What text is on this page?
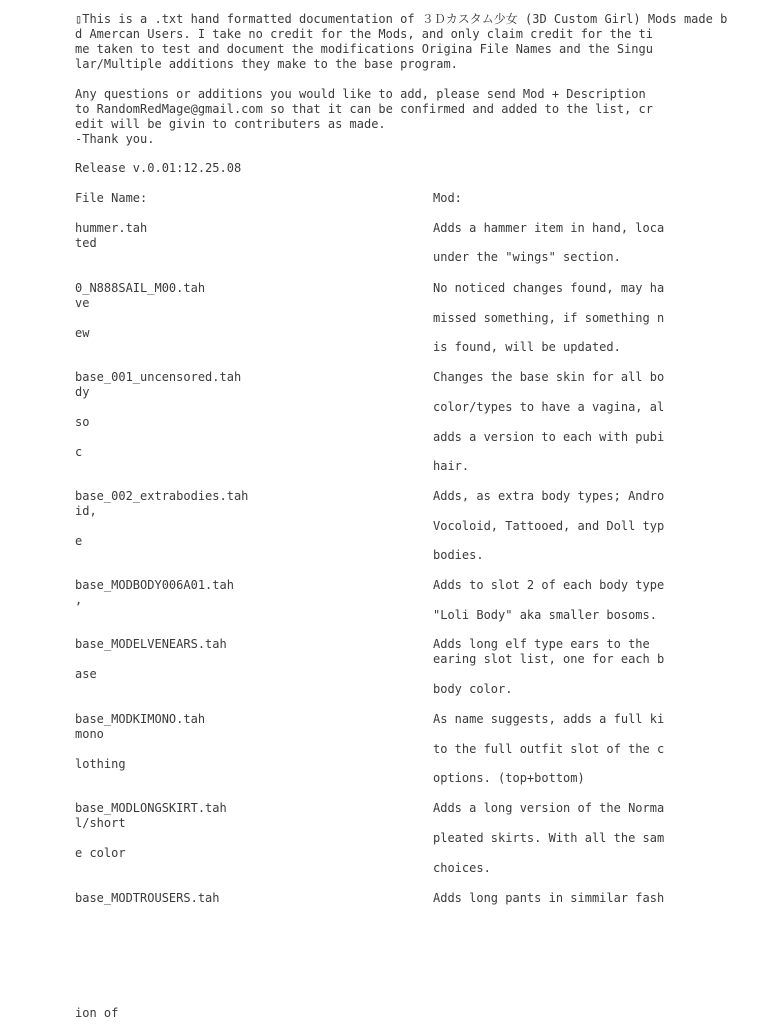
▯This is a .txt hand formatted documentation of ３Ｄカスタム少女 (3D Custom Girl) Mods made b
d Amercan Users. I take no credit for the Mods, and only claim credit for the ti
me taken to test and document the modifications Origina File Names and the Singu
lar/Multiple additions they make to the base program.
Any questions or additions you would like to add, please send Mod + Description
to RandomRedMage@gmail.com so that it can be confirmed and added to the list, cr
edit will be givin to contributers as made.
-Thank you.
Release v.0.01:12.25.08
File Name:	Mod:
hummer.tah
ted
Adds a hammer item in hand, loca
under the "wings" section.
0_N888SAIL_M00.tah
ve
ew
No noticed changes found, may ha
missed something, if something n
is found, will be updated.
base_001_uncensored.tah
dy
so
c
Changes the base skin for all bo
color/types to have a vagina, al
adds a version to each with pubi
hair.
base_002_extrabodies.tah
id,
e
Adds, as extra body types; Andro
Vocoloid, Tattooed, and Doll typ
bodies.
base_MODBODY006A01.tah
,
Adds to slot 2 of each body type
"Loli Body" aka smaller bosoms.
base_MODELVENEARS.tah
ase
Adds long elf type ears to the
earing slot list, one for each b
body color.
base_MODKIMONO.tah
mono
lothing
As name suggests, adds a full ki
to the full outfit slot of the c
options. (top+bottom)
base_MODLONGSKIRT.tah
l/short
e color
Adds a long version of the Norma
pleated skirts. With all the sam
choices.
base_MODTROUSERS.tah	Adds long pants in simmilar fash
ion of
